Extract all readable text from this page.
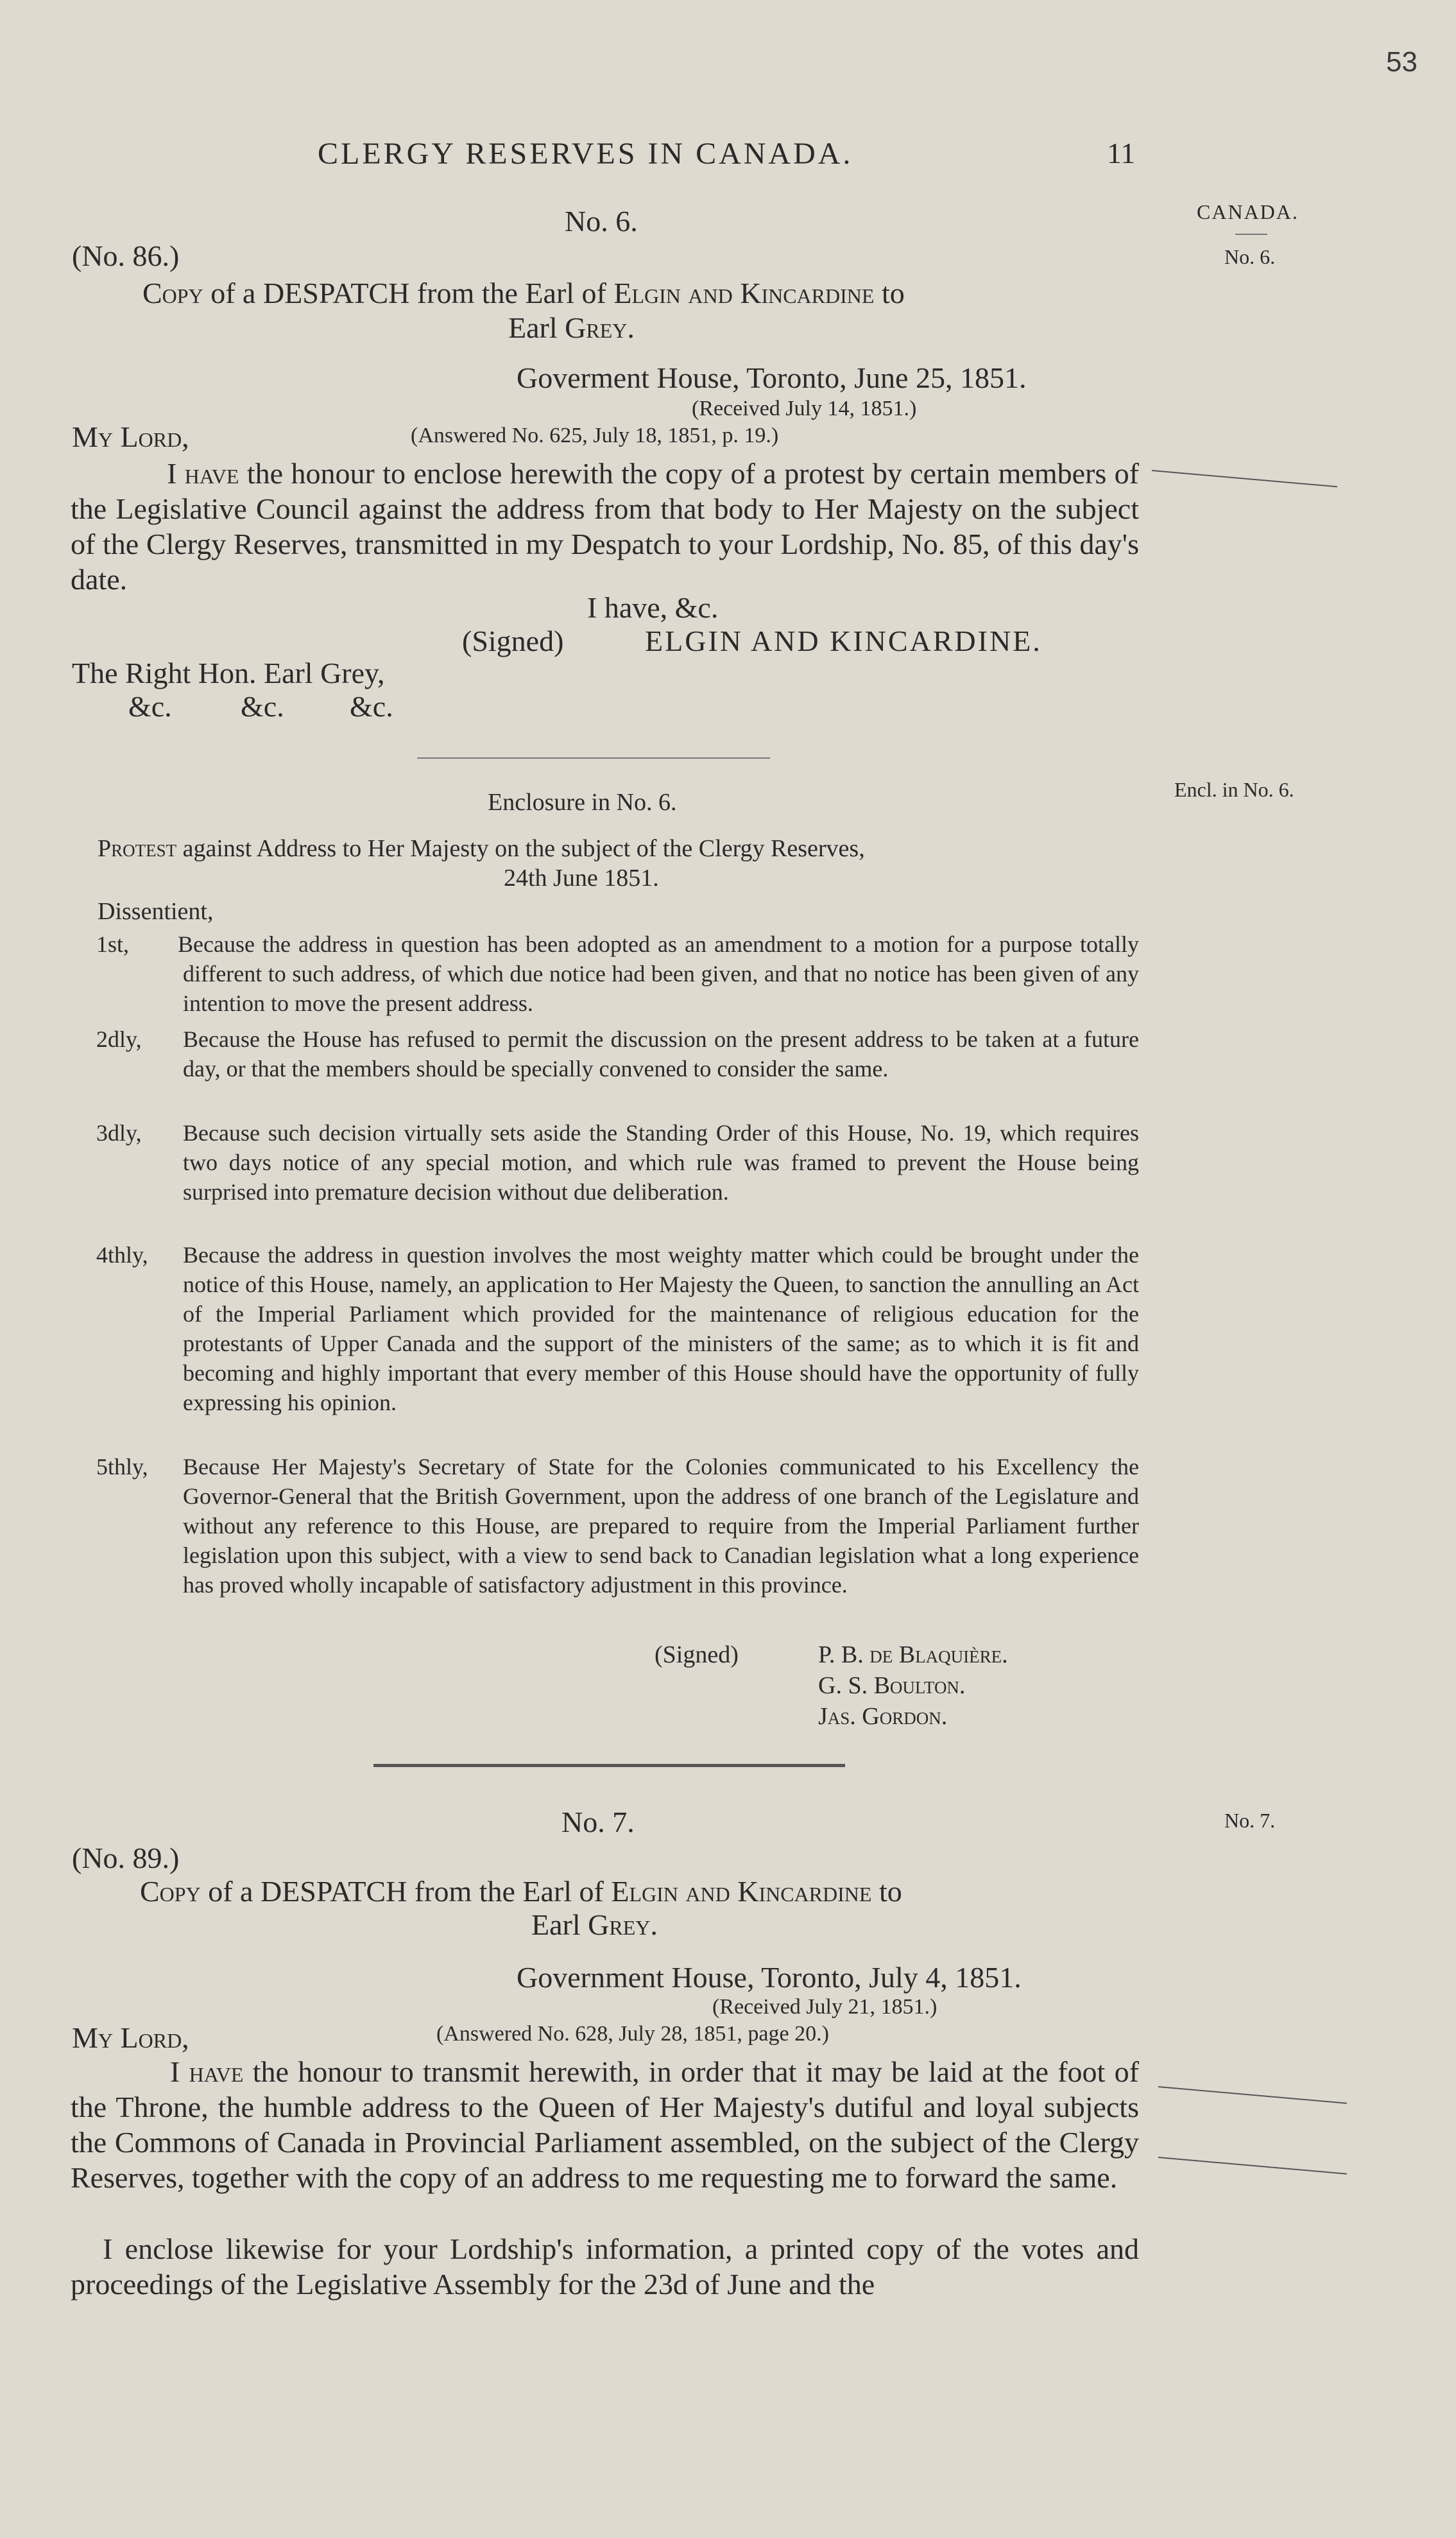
53
CLERGY RESERVES IN CANADA.	11
CANADA.
No. 6.
Encl. in No. 6.
No. 7.
No. 6.
(No. 86.)
Copy of a DESPATCH from the Earl of Elgin and Kincardine to
Earl Grey.
Goverment House, Toronto, June 25, 1851.
(Received July 14, 1851.)
My Lord,	(Answered No. 625, July 18, 1851, p. 19.)
I have the honour to enclose herewith the copy of a protest by certain members of the Legislative Council against the address from that body to Her Majesty on the subject of the Clergy Reserves, transmitted in my Despatch to your Lordship, No. 85, of this day's date.
I have, &c.
(Signed)	ELGIN AND KINCARDINE.
The Right Hon. Earl Grey,
&c. &c. &c.
Enclosure in No. 6.
Protest against Address to Her Majesty on the subject of the Clergy Reserves,
24th June 1851.
Dissentient,
1st,	Because the address in question has been adopted as an amendment to a motion for a purpose totally different to such address, of which due notice had been given, and that no notice has been given of any intention to move the present address.
2dly,	Because the House has refused to permit the discussion on the present address to be taken at a future day, or that the members should be specially convened to consider the same.
3dly,	Because such decision virtually sets aside the Standing Order of this House, No. 19, which requires two days notice of any special motion, and which rule was framed to prevent the House being surprised into premature decision without due deliberation.
4thly,	Because the address in question involves the most weighty matter which could be brought under the notice of this House, namely, an application to Her Majesty the Queen, to sanction the annulling an Act of the Imperial Parliament which provided for the maintenance of religious education for the protestants of Upper Canada and the support of the ministers of the same; as to which it is fit and becoming and highly important that every member of this House should have the opportunity of fully expressing his opinion.
5thly,	Because Her Majesty's Secretary of State for the Colonies communicated to his Excellency the Governor-General that the British Government, upon the address of one branch of the Legislature and without any reference to this House, are prepared to require from the Imperial Parliament further legislation upon this subject, with a view to send back to Canadian legislation what a long experience has proved wholly incapable of satisfactory adjustment in this province.
(Signed)	P. B. de Blaquière.
G. S. Boulton.
Jas. Gordon.
No. 7.
(No. 89.)
Copy of a DESPATCH from the Earl of Elgin and Kincardine to
Earl Grey.
Government House, Toronto, July 4, 1851.
(Received July 21, 1851.)
My Lord,	(Answered No. 628, July 28, 1851, page 20.)
I have the honour to transmit herewith, in order that it may be laid at the foot of the Throne, the humble address to the Queen of Her Majesty's dutiful and loyal subjects the Commons of Canada in Provincial Parliament assembled, on the subject of the Clergy Reserves, together with the copy of an address to me requesting me to forward the same.
I enclose likewise for your Lordship's information, a printed copy of the votes and proceedings of the Legislative Assembly for the 23d of June and the
